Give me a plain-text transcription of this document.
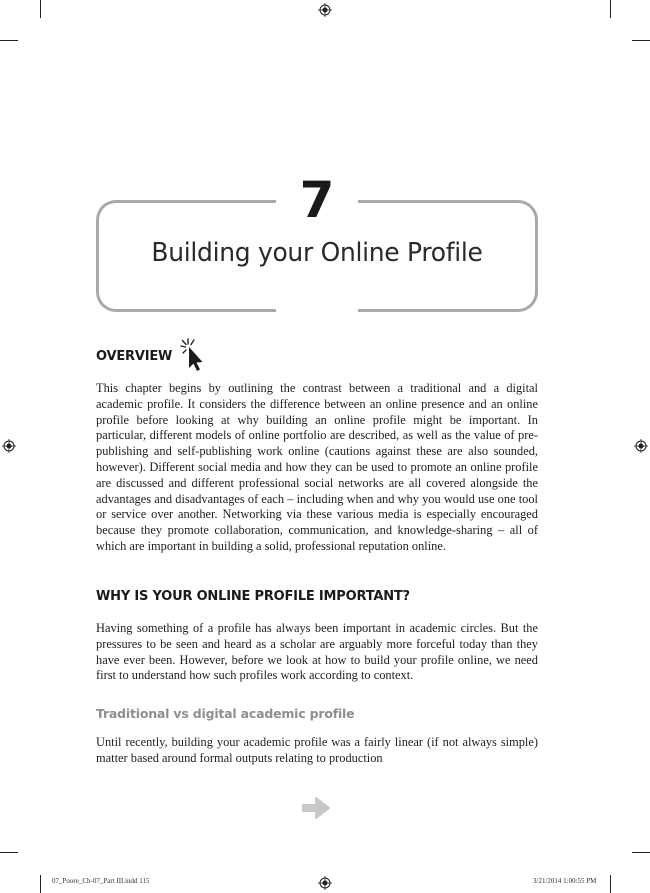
7
Building your Online Profile
OVERVIEW
This chapter begins by outlining the contrast between a traditional and a digital academic profile. It considers the difference between an online presence and an online profile before looking at why building an online profile might be important. In particular, different models of online portfolio are described, as well as the value of pre-publishing and self-publishing work online (cautions against these are also sounded, however). Different social media and how they can be used to promote an online profile are discussed and different professional social networks are all covered alongside the advantages and disadvantages of each – including when and why you would use one tool or service over another. Networking via these various media is especially encouraged because they promote collaboration, communication, and knowledge-sharing – all of which are important in building a solid, professional reputation online.
WHY IS YOUR ONLINE PROFILE IMPORTANT?
Having something of a profile has always been important in academic circles. But the pressures to be seen and heard as a scholar are arguably more forceful today than they have ever been. However, before we look at how to build your profile online, we need first to understand how such profiles work according to context.
Traditional vs digital academic profile
Until recently, building your academic profile was a fairly linear (if not always simple) matter based around formal outputs relating to production
07_Poore_Ch-07_Part III.indd 115	3/21/2014 1:00:55 PM
